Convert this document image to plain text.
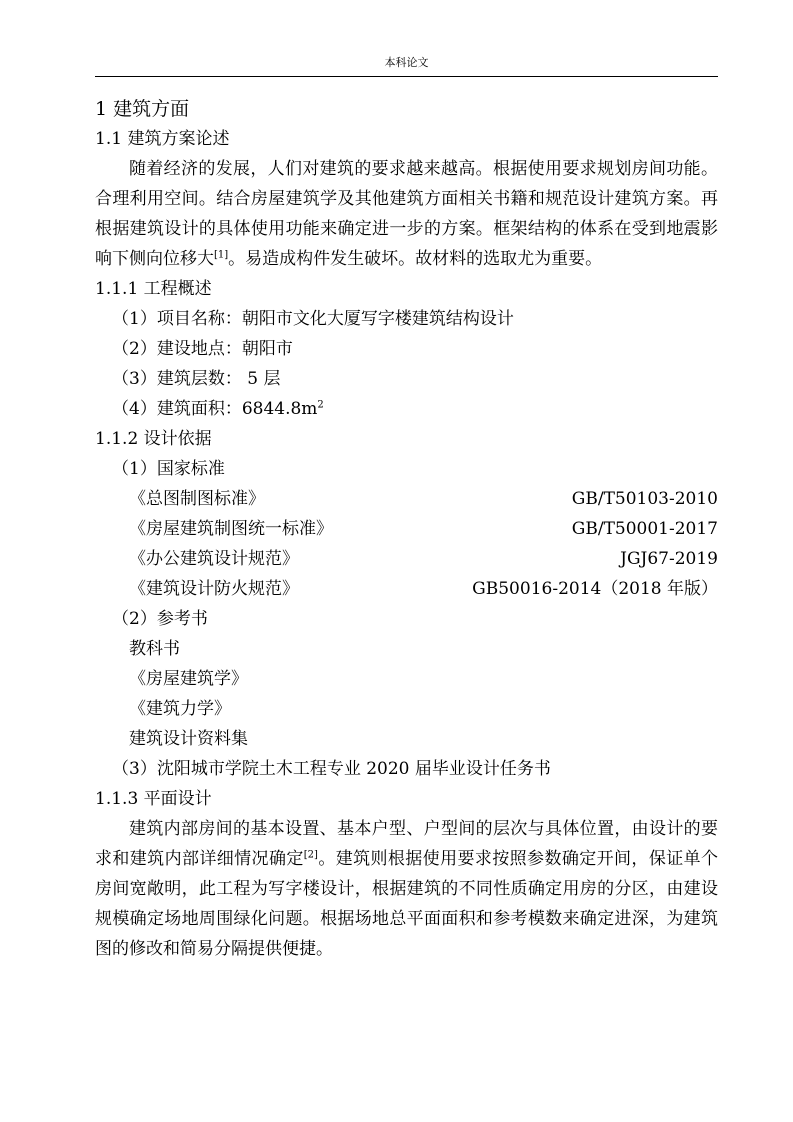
本科论文
1 建筑方面
1.1 建筑方案论述
随着经济的发展，人们对建筑的要求越来越高。根据使用要求规划房间功能。合理利用空间。结合房屋建筑学及其他建筑方面相关书籍和规范设计建筑方案。再根据建筑设计的具体使用功能来确定进一步的方案。框架结构的体系在受到地震影响下侧向位移大[1]。易造成构件发生破坏。故材料的选取尤为重要。
1.1.1 工程概述
（1）项目名称：朝阳市文化大厦写字楼建筑结构设计
（2）建设地点：朝阳市
（3）建筑层数： 5 层
（4）建筑面积：$6844.8m^2$
1.1.2 设计依据
（1）国家标准
《总图制图标准》	GB/T50103-2010
《房屋建筑制图统一标准》	GB/T50001-2017
《办公建筑设计规范》	JGJ67-2019
《建筑设计防火规范》	GB50016-2014（2018 年版）
（2）参考书
教科书
《房屋建筑学》
《建筑力学》
建筑设计资料集
（3）沈阳城市学院土木工程专业 2020 届毕业设计任务书
1.1.3 平面设计
建筑内部房间的基本设置、基本户型、户型间的层次与具体位置，由设计的要求和建筑内部详细情况确定[2]。建筑则根据使用要求按照参数确定开间，保证单个房间宽敞明，此工程为写字楼设计，根据建筑的不同性质确定用房的分区，由建设规模确定场地周围绿化问题。根据场地总平面面积和参考模数来确定进深，为建筑图的修改和简易分隔提供便捷。
